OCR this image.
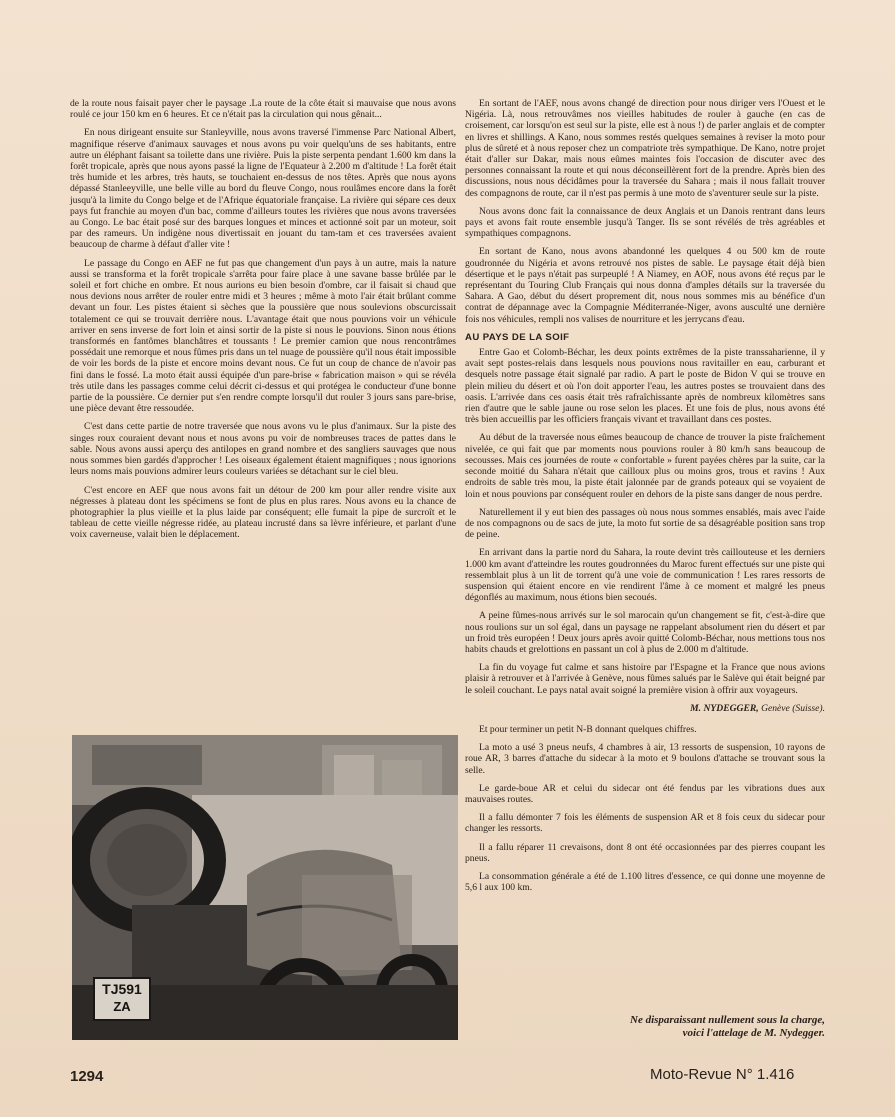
de la route nous faisait payer cher le paysage .La route de la côte était si mauvaise que nous avons roulé ce jour 150 km en 6 heures. Et ce n'était pas la circulation qui nous gênait...

En nous dirigeant ensuite sur Stanleyville, nous avons traversé l'immense Parc National Albert, magnifique réserve d'animaux sauvages et nous avons pu voir quelqu'uns de ses habitants, entre autre un éléphant faisant sa toilette dans une rivière. Puis la piste serpenta pendant 1.600 km dans la forêt tropicale, après que nous ayons passé la ligne de l'Equateur à 2.200 m d'altitude ! La forêt était très humide et les arbres, très hauts, se touchaient en-dessus de nos têtes. Après que nous ayons dépassé Stanleeyville, une belle ville au bord du fleuve Congo, nous roulâmes encore dans la forêt jusqu'à la limite du Congo belge et de l'Afrique équatoriale française. La rivière qui sépare ces deux pays fut franchie au moyen d'un bac, comme d'ailleurs toutes les rivières que nous avons traversées au Congo. Le bac était posé sur des barques longues et minces et actionné soit par un moteur, soit par des rameurs. Un indigène nous divertissait en jouant du tam-tam et ces traversées avaient beaucoup de charme à défaut d'aller vite !

Le passage du Congo en AEF ne fut pas que changement d'un pays à un autre, mais la nature aussi se transforma et la forêt tropicale s'arrêta pour faire place à une savane basse brûlée par le soleil et fort chiche en ombre. Et nous aurions eu bien besoin d'ombre, car il faisait si chaud que nous devions nous arrêter de rouler entre midi et 3 heures ; même à moto l'air était brûlant comme devant un four. Les pistes étaient si sèches que la poussière que nous soulevions obscurcissait totalement ce qui se trouvait derrière nous. L'avantage était que nous pouvions voir un véhicule arriver en sens inverse de fort loin et ainsi sortir de la piste si nous le pouvions. Sinon nous étions transformés en fantômes blanchâtres et toussants ! Le premier camion que nous rencontrâmes possédait une remorque et nous fûmes pris dans un tel nuage de poussière qu'il nous était impossible de voir les bords de la piste et encore moins devant nous. Ce fut un coup de chance de n'avoir pas fini dans le fossé. La moto était aussi équipée d'un pare-brise « fabrication maison » qui se révéla très utile dans les passages comme celui décrit ci-dessus et qui protégea le conducteur d'une bonne partie de la poussière. Ce dernier put s'en rendre compte lorsqu'il dut rouler 3 jours sans pare-brise, une pièce devant être ressoudée.

C'est dans cette partie de notre traversée que nous avons vu le plus d'animaux. Sur la piste des singes roux couraient devant nous et nous avons pu voir de nombreuses traces de pattes dans le sable. Nous avons aussi aperçu des antilopes en grand nombre et des sangliers sauvages que nous nous sommes bien gardés d'approcher ! Les oiseaux également étaient magnifiques ; nous ignorions leurs noms mais pouvions admirer leurs couleurs variées se détachant sur le ciel bleu.

C'est encore en AEF que nous avons fait un détour de 200 km pour aller rendre visite aux négresses à plateau dont les spécimens se font de plus en plus rares. Nous avons eu la chance de photographier la plus vieille et la plus laide par conséquent; elle fumait la pipe de surcroît et le tableau de cette vieille négresse ridée, au plateau incrusté dans sa lèvre inférieure, et parlant d'une voix caverneuse, valait bien le déplacement.

TJ591
ZA

En sortant de l'AEF, nous avons changé de direction pour nous diriger vers l'Ouest et le Nigéria. Là, nous retrouvâmes nos vieilles habitudes de rouler à gauche (en cas de croisement, car lorsqu'on est seul sur la piste, elle est à nous !) de parler anglais et de compter en livres et shillings. A Kano, nous sommes restés quelques semaines à reviser la moto pour plus de sûreté et à nous reposer chez un compatriote très sympathique. De Kano, notre projet était d'aller sur Dakar, mais nous eûmes maintes fois l'occasion de discuter avec des personnes connaissant la route et qui nous déconseillèrent fort de la prendre. Après bien des discussions, nous nous décidâmes pour la traversée du Sahara ; mais il nous fallait trouver des compagnons de route, car il n'est pas permis à une moto de s'aventurer seule sur la piste.

Nous avons donc fait la connaissance de deux Anglais et un Danois rentrant dans leurs pays et avons fait route ensemble jusqu'à Tanger. Ils se sont révélés de très agréables et sympathiques compagnons.

En sortant de Kano, nous avons abandonné les quelques 4 ou 500 km de route goudronnée du Nigéria et avons retrouvé nos pistes de sable. Le paysage était déjà bien désertique et le pays n'était pas surpeuplé ! A Niamey, en AOF, nous avons été reçus par le représentant du Touring Club Français qui nous donna d'amples détails sur la traversée du Sahara. A Gao, début du désert proprement dit, nous nous sommes mis au bénéfice d'un contrat de dépannage avec la Compagnie Méditerranée-Niger, avons ausculté une dernière fois nos véhicules, rempli nos valises de nourriture et les jerrycans d'eau.

AU PAYS DE LA SOIF

Entre Gao et Colomb-Béchar, les deux points extrêmes de la piste transsaharienne, il y avait sept postes-relais dans lesquels nous pouvions nous ravitailler en eau, carburant et desquels notre passage était signalé par radio. A part le poste de Bidon V qui se trouve en plein milieu du désert et où l'on doit apporter l'eau, les autres postes se trouvaient dans des oasis. L'arrivée dans ces oasis était très rafraîchissante après de nombreux kilomètres sans rien d'autre que le sable jaune ou rose selon les places. Et une fois de plus, nous avons été très bien accueillis par les officiers français vivant et travaillant dans ces postes.

Au début de la traversée nous eûmes beaucoup de chance de trouver la piste fraîchement nivelée, ce qui fait que par moments nous pouvions rouler à 80 km/h sans beaucoup de secousses. Mais ces journées de route « confortable » furent payées chères par la suite, car la seconde moitié du Sahara n'était que cailloux plus ou moins gros, trous et ravins ! Aux endroits de sable très mou, la piste était jalonnée par de grands poteaux qui se voyaient de loin et nous pouvions par conséquent rouler en dehors de la piste sans danger de nous perdre.

Naturellement il y eut bien des passages où nous nous sommes ensablés, mais avec l'aide de nos compagnons ou de sacs de jute, la moto fut sortie de sa désagréable position sans trop de peine.

En arrivant dans la partie nord du Sahara, la route devint très caillouteuse et les derniers 1.000 km avant d'atteindre les routes goudronnées du Maroc furent effectués sur une piste qui ressemblait plus à un lit de torrent qu'à une voie de communication ! Les rares ressorts de suspension qui étaient encore en vie rendirent l'âme à ce moment et malgré les pneus dégonflés au maximum, nous étions bien secoués.

A peine fûmes-nous arrivés sur le sol marocain qu'un changement se fit, c'est-à-dire que nous roulions sur un sol égal, dans un paysage ne rappelant absolument rien du désert et par un froid très européen ! Deux jours après avoir quitté Colomb-Béchar, nous mettions tous nos habits chauds et grelottions en passant un col à plus de 2.000 m d'altitude.

La fin du voyage fut calme et sans histoire par l'Espagne et la France que nous avions plaisir à retrouver et à l'arrivée à Genève, nous fûmes salués par le Salève qui était beigné par le soleil couchant. Le pays natal avait soigné la première vision à offrir aux voyageurs.

M. NYDEGGER, Genève (Suisse).

Et pour terminer un petit N-B donnant quelques chiffres.

La moto a usé 3 pneus neufs, 4 chambres à air, 13 ressorts de suspension, 10 rayons de roue AR, 3 barres d'attache du sidecar à la moto et 9 boulons d'attache se trouvant sous la selle.

Le garde-boue AR et celui du sidecar ont été fendus par les vibrations dues aux mauvaises routes.

Il a fallu démonter 7 fois les éléments de suspension AR et 8 fois ceux du sidecar pour changer les ressorts.

Il a fallu réparer 11 crevaisons, dont 8 ont été occasionnées par des pierres coupant les pneus.

La consommation générale a été de 1.100 litres d'essence, ce qui donne une moyenne de 5,6 l aux 100 km.

Ne disparaissant nullement sous la charge,
voici l'attelage de M. Nydegger.
1294	Moto-Revue N° 1.416
